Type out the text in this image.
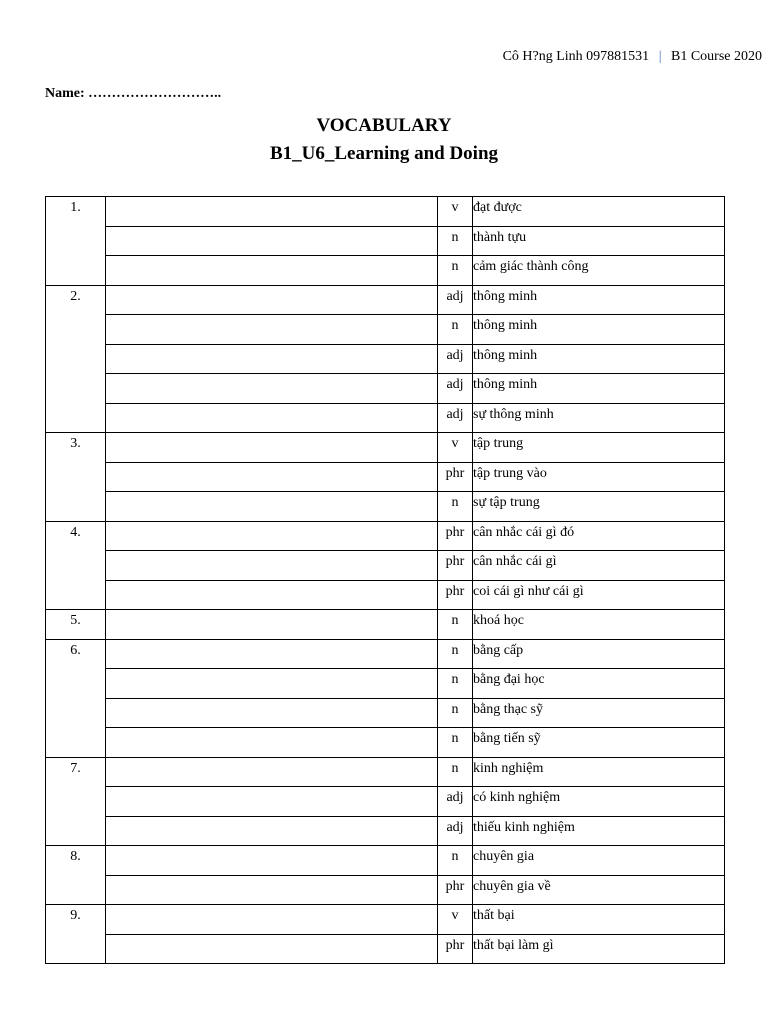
Cô H?ng Linh 097881531 | B1 Course 2020
Name: ………………………..
VOCABULARY
B1_U6_Learning and Doing
1.		v	đạt được
		n	thành tựu
		n	cảm giác thành công
2.		adj	thông minh
		n	thông minh
		adj	thông minh
		adj	thông minh
		adj	sự thông minh
3.		v	tập trung
		phr	tập trung vào
		n	sự tập trung
4.		phr	cân nhắc cái gì đó
		phr	cân nhắc cái gì
		phr	coi cái gì như cái gì
5.		n	khoá học
6.		n	bằng cấp
		n	bằng đại học
		n	bằng thạc sỹ
		n	bằng tiến sỹ
7.		n	kinh nghiệm
		adj	có kinh nghiệm
		adj	thiếu kinh nghiệm
8.		n	chuyên gia
		phr	chuyên gia về
9.		v	thất bại
		phr	thất bại làm gì
